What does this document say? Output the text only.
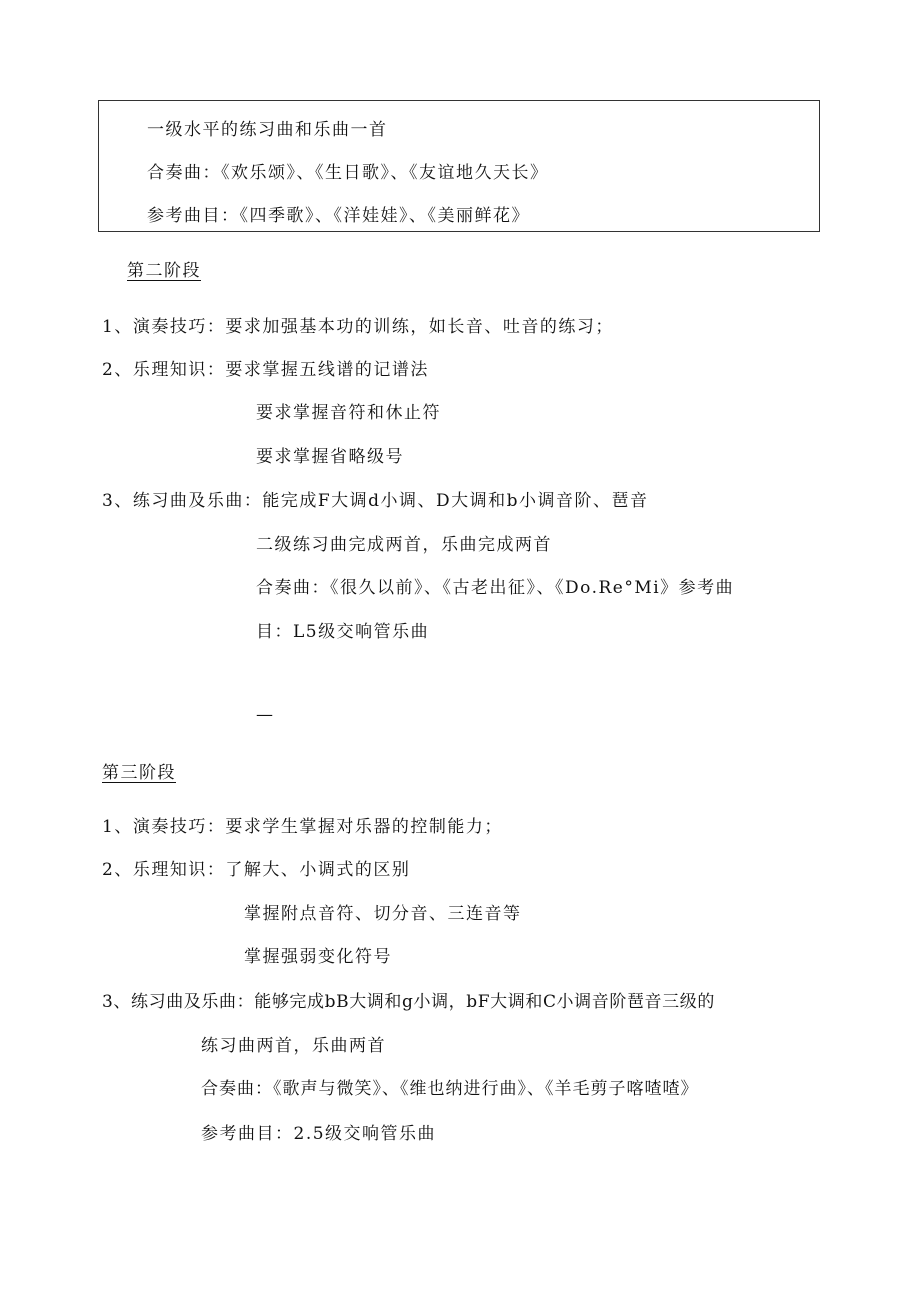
一级水平的练习曲和乐曲一首
合奏曲：《欢乐颂》、《生日歌》、《友谊地久天长》
参考曲目：《四季歌》、《洋娃娃》、《美丽鲜花》
第二阶段
1、演奏技巧：要求加强基本功的训练，如长音、吐音的练习；
2、乐理知识：要求掌握五线谱的记谱法
要求掌握音符和休止符
要求掌握省略级号
3、练习曲及乐曲：能完成F大调d小调、D大调和b小调音阶、琶音
二级练习曲完成两首，乐曲完成两首
合奏曲：《很久以前》、《古老出征》、《Do.Re°Mi》参考曲
目：L5级交响管乐曲
—
第三阶段
1、演奏技巧：要求学生掌握对乐器的控制能力；
2、乐理知识：了解大、小调式的区别
掌握附点音符、切分音、三连音等
掌握强弱变化符号
3、练习曲及乐曲：能够完成bB大调和g小调，bF大调和C小调音阶琶音三级的
练习曲两首，乐曲两首
合奏曲：《歌声与微笑》、《维也纳进行曲》、《羊毛剪子喀喳喳》
参考曲目：2.5级交响管乐曲
